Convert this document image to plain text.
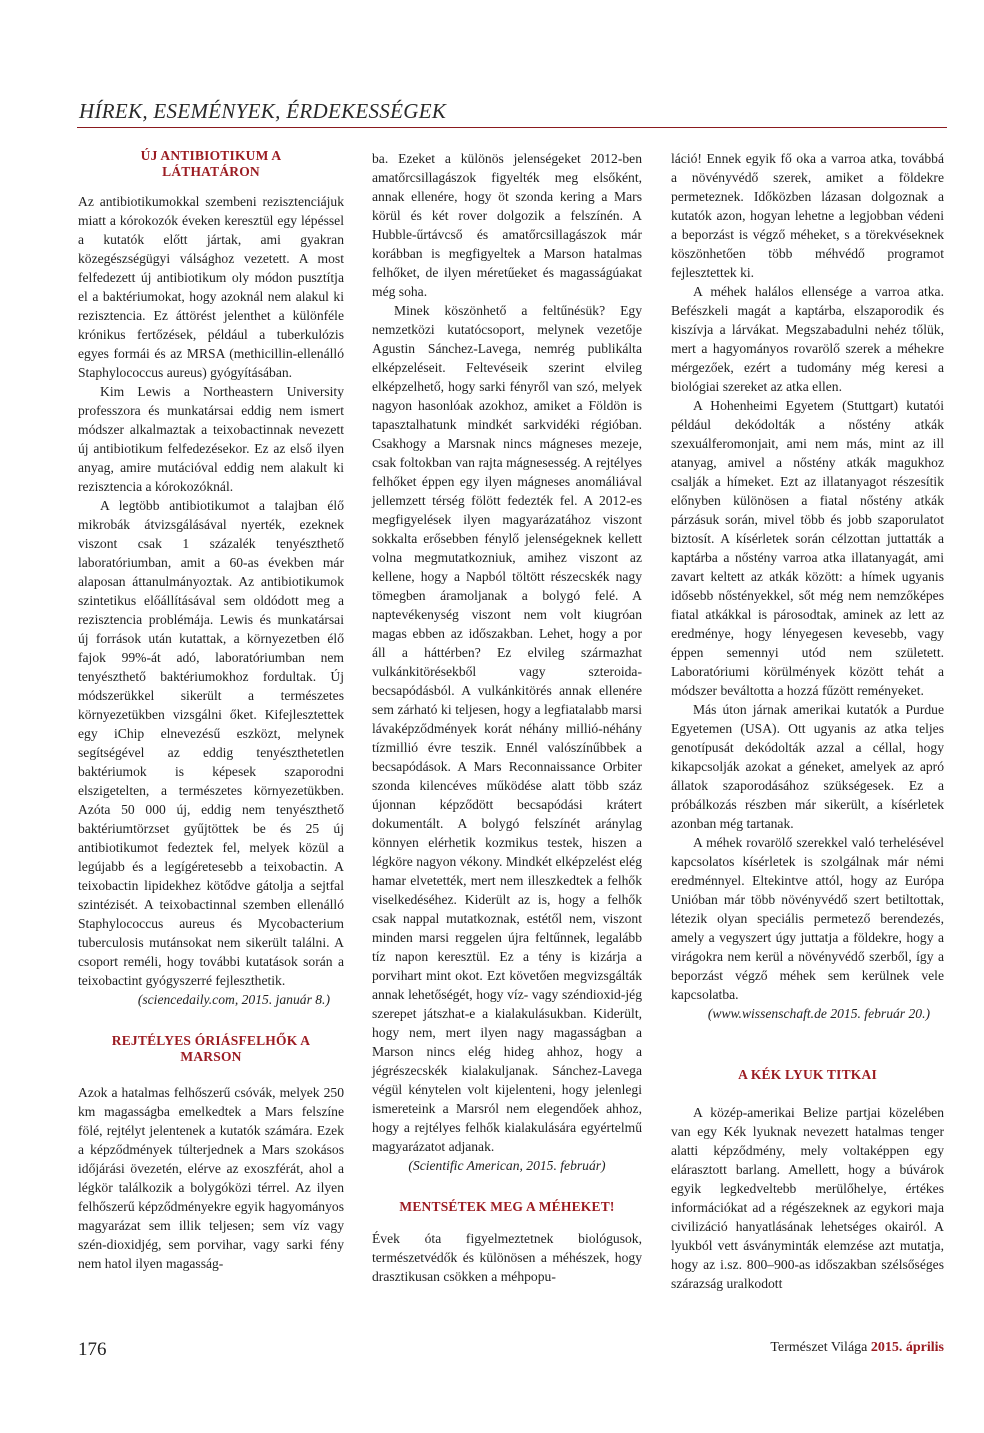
HÍREK, ESEMÉNYEK, ÉRDEKESSÉGEK
ÚJ ANTIBIOTIKUM A LÁTHATÁRON

Az antibiotikumokkal szembeni rezisztenciájuk miatt a kórokozók éveken keresztül egy lépéssel a kutatók előtt jártak, ami gyakran közegészségügyi válsághoz vezetett. A most felfedezett új antibiotikum oly módon pusztítja el a baktériumokat, hogy azoknál nem alakul ki rezisztencia. Ez áttörést jelenthet a különféle krónikus fertőzések, például a tuberkulózis egyes formái és az MRSA (methicillin-ellenálló Staphylococcus aureus) gyógyításában.

Kim Lewis a Northeastern University professzora és munkatársai eddig nem ismert módszer alkalmaztak a teixobactinnak nevezett új antibiotikum felfedezésekor. Ez az első ilyen anyag, amire mutációval eddig nem alakult ki rezisztencia a kórokozóknál.

A legtöbb antibiotikumot a talajban élő mikrobák átvizsgálásával nyerték, ezeknek viszont csak 1 százalék tenyészthető laboratóriumban, amit a 60-as években már alaposan áttanulmányoztak. Az antibiotikumok szintetikus előállításával sem oldódott meg a rezisztencia problémája. Lewis és munkatársai új források után kutattak, a környezetben élő fajok 99%-át adó, laboratóriumban nem tenyészthető baktériumokhoz fordultak. Új módszerükkel sikerült a természetes környezetükben vizsgálni őket. Kifejlesztettek egy iChip elnevezésű eszközt, melynek segítségével az eddig tenyészthetetlen baktériumok is képesek szaporodni elszigetelten, a természetes környezetükben. Azóta 50 000 új, eddig nem tenyészthető baktériumtörzset gyűjtöttek be és 25 új antibiotikumot fedeztek fel, melyek közül a legújabb és a legígéretesebb a teixobactin. A teixobactin lipidekhez kötődve gátolja a sejtfal szintézisét. A teixobactinnal szemben ellenálló Staphylococcus aureus és Mycobacterium tuberculosis mutánsokat nem sikerült találni. A csoport reméli, hogy további kutatások során a teixobactint gyógyszerré fejleszthetik.

(sciencedaily.com, 2015. január 8.)
REJTÉLYES ÓRIÁSFELHŐK A MARSON

Azok a hatalmas felhőszerű csóvák, melyek 250 km magasságba emelkedtek a Mars felszíne fölé, rejtélyt jelentenek a kutatók számára. Ezek a képződmények túlterjednek a Mars szokásos időjárási övezetén, elérve az exoszférát, ahol a légkör találkozik a bolygóközi térrel. Az ilyen felhőszerű képződményekre egyik hagyományos magyarázat sem illik teljesen; sem víz vagy szén-dioxidjég, sem porvihar, vagy sarki fény nem hatol ilyen magasság-

ba. Ezeket a különös jelenségeket 2012-ben amatőrcsillagászok figyelték meg elsőként, annak ellenére, hogy öt szonda kering a Mars körül és két rover dolgozik a felszínén. A Hubble-űrtávcső és amatőrcsillagászok már korábban is megfigyeltek a Marson hatalmas felhőket, de ilyen méretűeket és magasságúakat még soha.

Minek köszönhető a feltűnésük? Egy nemzetközi kutatócsoport, melynek vezetője Agustin Sánchez-Lavega, nemrég publikálta elképzeléseit. Feltevéseik szerint elvileg elképzelhető, hogy sarki fényről van szó, melyek nagyon hasonlóak azokhoz, amiket a Földön is tapasztalhatunk mindkét sarkvidéki régióban. Csakhogy a Marsnak nincs mágneses mezeje, csak foltokban van rajta mágnesesség. A rejtélyes felhőket éppen egy ilyen mágneses anomáliával jellemzett térség fölött fedezték fel. A 2012-es megfigyelések ilyen magyarázatához viszont sokkalta erősebben fénylő jelenségeknek kellett volna megmutatkozniuk, amihez viszont az kellene, hogy a Napból töltött részecskék nagy tömegben áramoljanak a bolygó felé. A naptevékenység viszont nem volt kiugróan magas ebben az időszakban. Lehet, hogy a por áll a háttérben? Ez elvileg származhat vulkánkitörésekből vagy szteroida-becsapódásból. A vulkánkitörés annak ellenére sem zárható ki teljesen, hogy a legfiatalabb marsi lávaképződmények korát néhány millió-néhány tízmillió évre teszik. Ennél valószínűbbek a becsapódások. A Mars Reconnaissance Orbiter szonda kilencéves működése alatt több száz újonnan képződött becsapódási krátert dokumentált. A bolygó felszínét aránylag könnyen elérhetik kozmikus testek, hiszen a légköre nagyon vékony. Mindkét elképzelést elég hamar elvetették, mert nem illeszkedtek a felhők viselkedéséhez. Kiderült az is, hogy a felhők csak nappal mutatkoznak, estétől nem, viszont minden marsi reggelen újra feltűnnek, legalább tíz napon keresztül. Ez a tény is kizárja a porvihart mint okot. Ezt követően megvizsgálták annak lehetőségét, hogy víz- vagy széndioxid-jég szerepet játszhat-e a kialakulásukban. Kiderült, hogy nem, mert ilyen nagy magasságban a Marson nincs elég hideg ahhoz, hogy a jégrészecskék kialakuljanak. Sánchez-Lavega végül kénytelen volt kijelenteni, hogy jelenlegi ismereteink a Marsról nem elegendőek ahhoz, hogy a rejtélyes felhők kialakulására egyértelmű magyarázatot adjanak.

(Scientific American, 2015. február)
MENTSÉTEK MEG A MÉHEKET!

Évek óta figyelmeztetnek biológusok, természetvédők és különösen a méhészek, hogy drasztikusan csökken a méhpopu-

láció! Ennek egyik fő oka a varroa atka, továbbá a növényvédő szerek, amiket a földekre permeteznek. Időközben lázasan dolgoznak a kutatók azon, hogyan lehetne a legjobban védeni a beporzást is végző méheket, s a törekvéseknek köszönhetően több méhvédő programot fejlesztettek ki.

A méhek halálos ellensége a varroa atka. Befészkeli magát a kaptárba, elszaporodik és kiszívja a lárvákat. Megszabadulni nehéz tőlük, mert a hagyományos rovarölő szerek a méhekre mérgezőek, ezért a tudomány még keresi a biológiai szereket az atka ellen.

A Hohenheimi Egyetem (Stuttgart) kutatói például dekódolták a nőstény atkák szexuálferomonjait, ami nem más, mint az ill atanyag, amivel a nőstény atkák magukhoz csalják a hímeket. Ezt az illatanyagot részesítik előnyben különösen a fiatal nőstény atkák párzásuk során, mivel több és jobb szaporulatot biztosít. A kísérletek során célzottan juttatták a kaptárba a nőstény varroa atka illatanyagát, ami zavart keltett az atkák között: a hímek ugyanis idősebb nőstényekkel, sőt még nem nemzőképes fiatal atkákkal is párosodtak, aminek az lett az eredménye, hogy lényegesen kevesebb, vagy éppen semennyi utód nem született. Laboratóriumi körülmények között tehát a módszer beváltotta a hozzá fűzött reményeket.

Más úton járnak amerikai kutatók a Purdue Egyetemen (USA). Ott ugyanis az atka teljes genotípusát dekódolták azzal a céllal, hogy kikapcsolják azokat a géneket, amelyek az apró állatok szaporodásához szükségesek. Ez a próbálkozás részben már sikerült, a kísérletek azonban még tartanak.

A méhek rovarölő szerekkel való terhelésével kapcsolatos kísérletek is szolgálnak már némi eredménnyel. Eltekintve attól, hogy az Európa Unióban már több növényvédő szert betiltottak, létezik olyan speciális permetező berendezés, amely a vegyszert úgy juttatja a földekre, hogy a virágokra nem kerül a növényvédő szerből, így a beporzást végző méhek sem kerülnek vele kapcsolatba.

(www.wissenschaft.de 2015. február 20.)
A KÉK LYUK TITKAI

A közép-amerikai Belize partjai közelében van egy Kék lyuknak nevezett hatalmas tenger alatti képződmény, mely voltaképpen egy elárasztott barlang. Amellett, hogy a búvárok egyik legkedveltebb merülőhelye, értékes információkat ad a régészeknek az egykori maja civilizáció hanyatlásának lehetséges okairól. A lyukból vett ásványminták elemzése azt mutatja, hogy az i.sz. 800–900-as időszakban szélsőséges szárazság uralkodott

176	Természet Világa 2015. április
